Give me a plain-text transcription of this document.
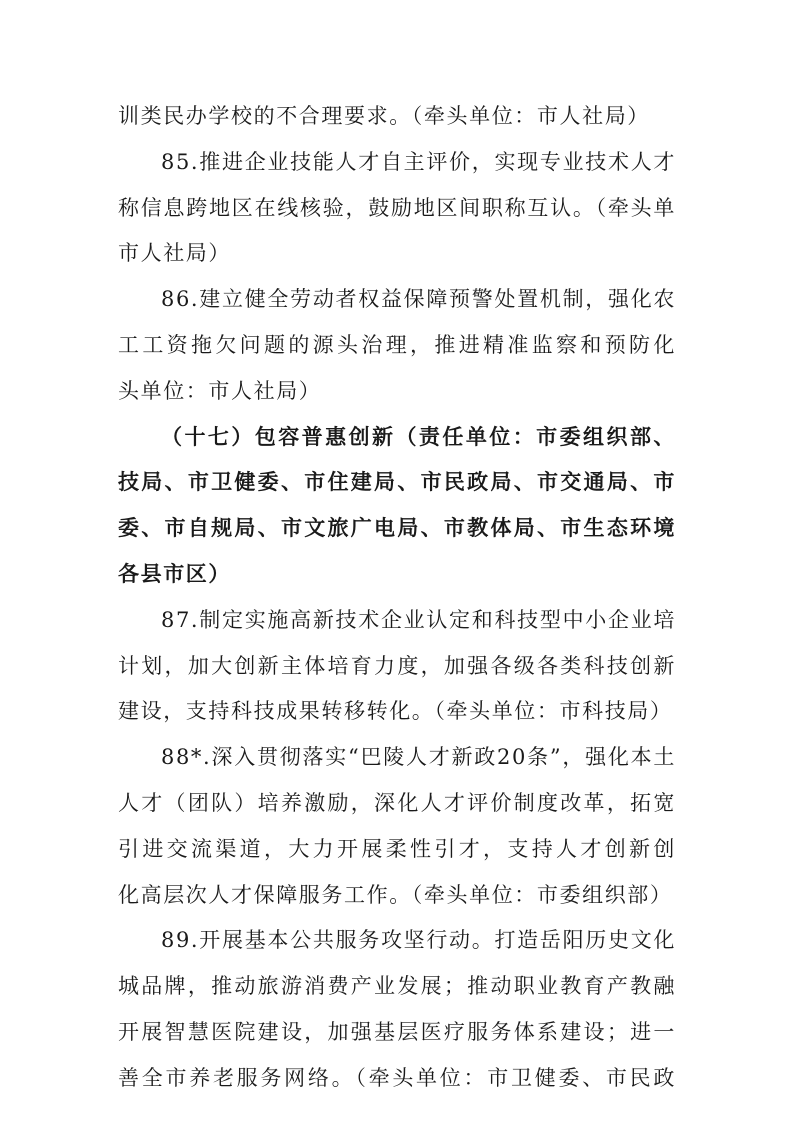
训类民办学校的不合理要求。（牵头单位：市人社局）
85.推进企业技能人才自主评价，实现专业技术人才
称信息跨地区在线核验，鼓励地区间职称互认。（牵头单
市人社局）
86.建立健全劳动者权益保障预警处置机制，强化农
工工资拖欠问题的源头治理，推进精准监察和预防化
头单位：市人社局）
（十七）包容普惠创新（责任单位：市委组织部、
技局、市卫健委、市住建局、市民政局、市交通局、市
委、市自规局、市文旅广电局、市教体局、市生态环境
各县市区）
87.制定实施高新技术企业认定和科技型中小企业培
计划，加大创新主体培育力度，加强各级各类科技创新
建设，支持科技成果转移转化。（牵头单位：市科技局）
88*.深入贯彻落实“巴陵人才新政20条”，强化本土
人才（团队）培养激励，深化人才评价制度改革，拓宽
引进交流渠道，大力开展柔性引才，支持人才创新创
化高层次人才保障服务工作。（牵头单位：市委组织部）
89.开展基本公共服务攻坚行动。打造岳阳历史文化
城品牌，推动旅游消费产业发展；推动职业教育产教融
开展智慧医院建设，加强基层医疗服务体系建设；进一
善全市养老服务网络。（牵头单位：市卫健委、市民政
